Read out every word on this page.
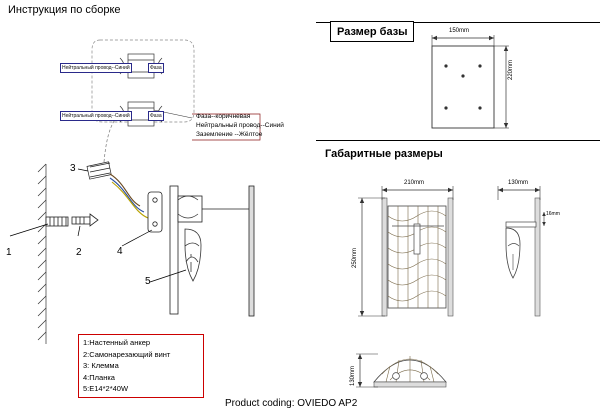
Инструкция по сборке
Нейтральный провод--Синий	Фаза
Нейтральный провод--Синий	Фаза	Фаза--коричневая
Нейтральный провод--Синий
Заземление --Жёлтое
1	2
3
4
5
1:Настенный анкер
2:Самонарезающий винт
3: Клемма
4:Планка
5:E14*2*40W
Product coding: OVIEDO AP2
Размер базы
Габаритные размеры
150mm
220mm
210mm
250mm
130mm
16mm
130mm
